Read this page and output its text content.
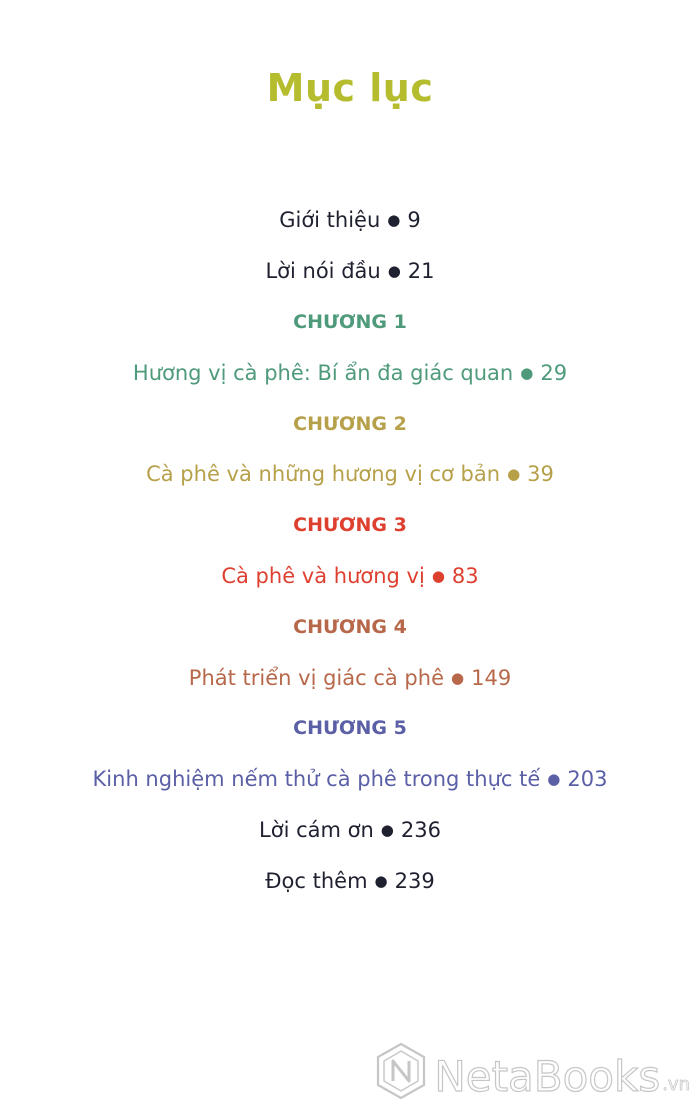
Mục lục
Giới thiệu ● 9
Lời nói đầu ● 21
CHƯƠNG 1
Hương vị cà phê: Bí ẩn đa giác quan ● 29
CHƯƠNG 2
Cà phê và những hương vị cơ bản ● 39
CHƯƠNG 3
Cà phê và hương vị ● 83
CHƯƠNG 4
Phát triển vị giác cà phê ● 149
CHƯƠNG 5
Kinh nghiệm nếm thử cà phê trong thực tế ● 203
Lời cám ơn ● 236
Đọc thêm ● 239
NetaBooks .vn
